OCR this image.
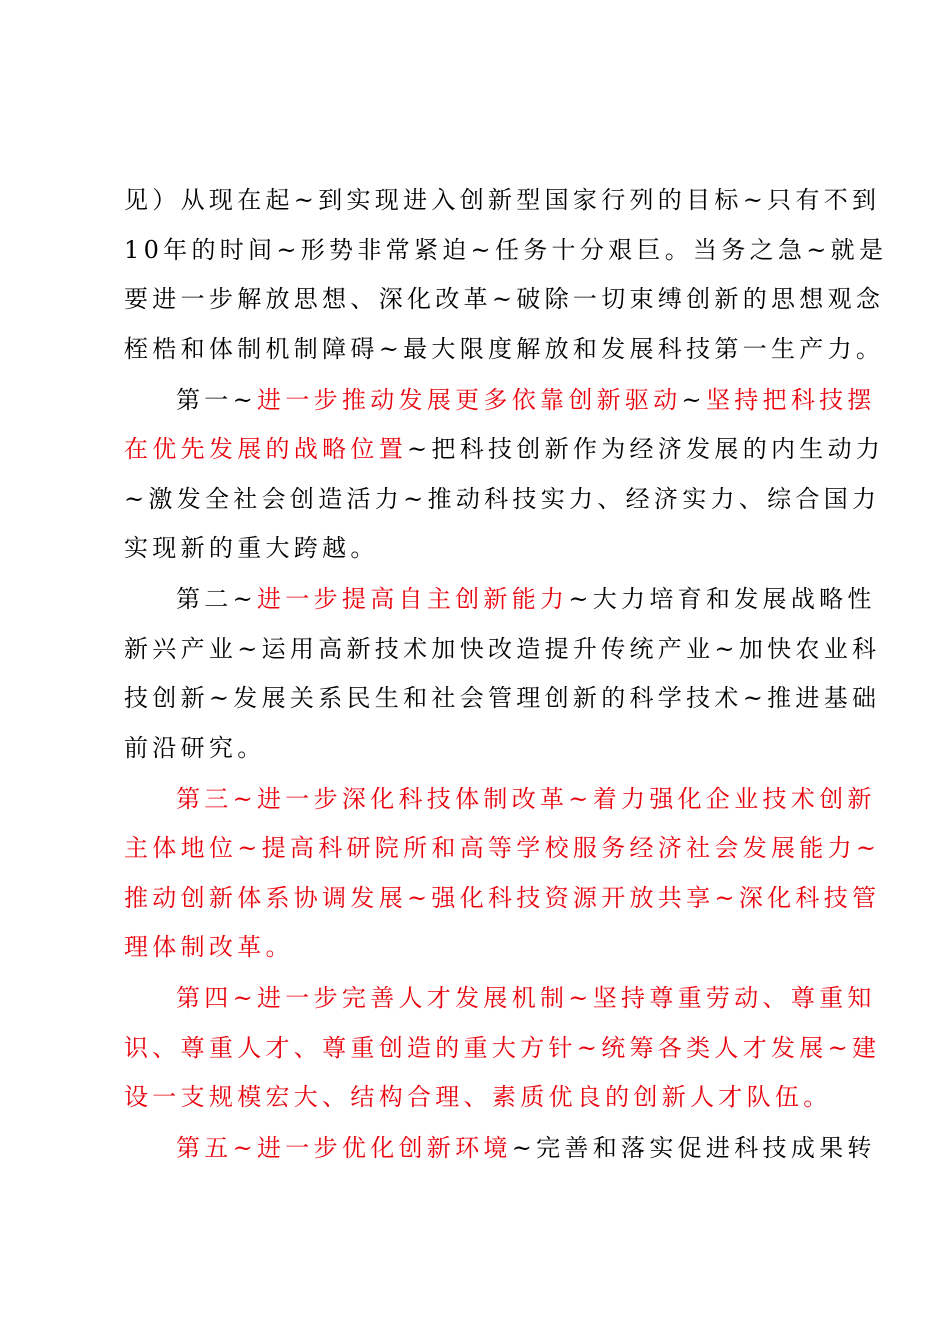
见）从现在起~到实现进入创新型国家行列的目标~只有不到
10年的时间~形势非常紧迫~任务十分艰巨。当务之急~就是
要进一步解放思想、深化改革~破除一切束缚创新的思想观念
桎梏和体制机制障碍~最大限度解放和发展科技第一生产力。
第一~进一步推动发展更多依靠创新驱动~坚持把科技摆
在优先发展的战略位置~把科技创新作为经济发展的内生动力
~激发全社会创造活力~推动科技实力、经济实力、综合国力
实现新的重大跨越。
第二~进一步提高自主创新能力~大力培育和发展战略性
新兴产业~运用高新技术加快改造提升传统产业~加快农业科
技创新~发展关系民生和社会管理创新的科学技术~推进基础
前沿研究。
第三~进一步深化科技体制改革~着力强化企业技术创新
主体地位~提高科研院所和高等学校服务经济社会发展能力~
推动创新体系协调发展~强化科技资源开放共享~深化科技管
理体制改革。
第四~进一步完善人才发展机制~坚持尊重劳动、尊重知
识、尊重人才、尊重创造的重大方针~统筹各类人才发展~建
设一支规模宏大、结构合理、素质优良的创新人才队伍。
第五~进一步优化创新环境~完善和落实促进科技成果转
